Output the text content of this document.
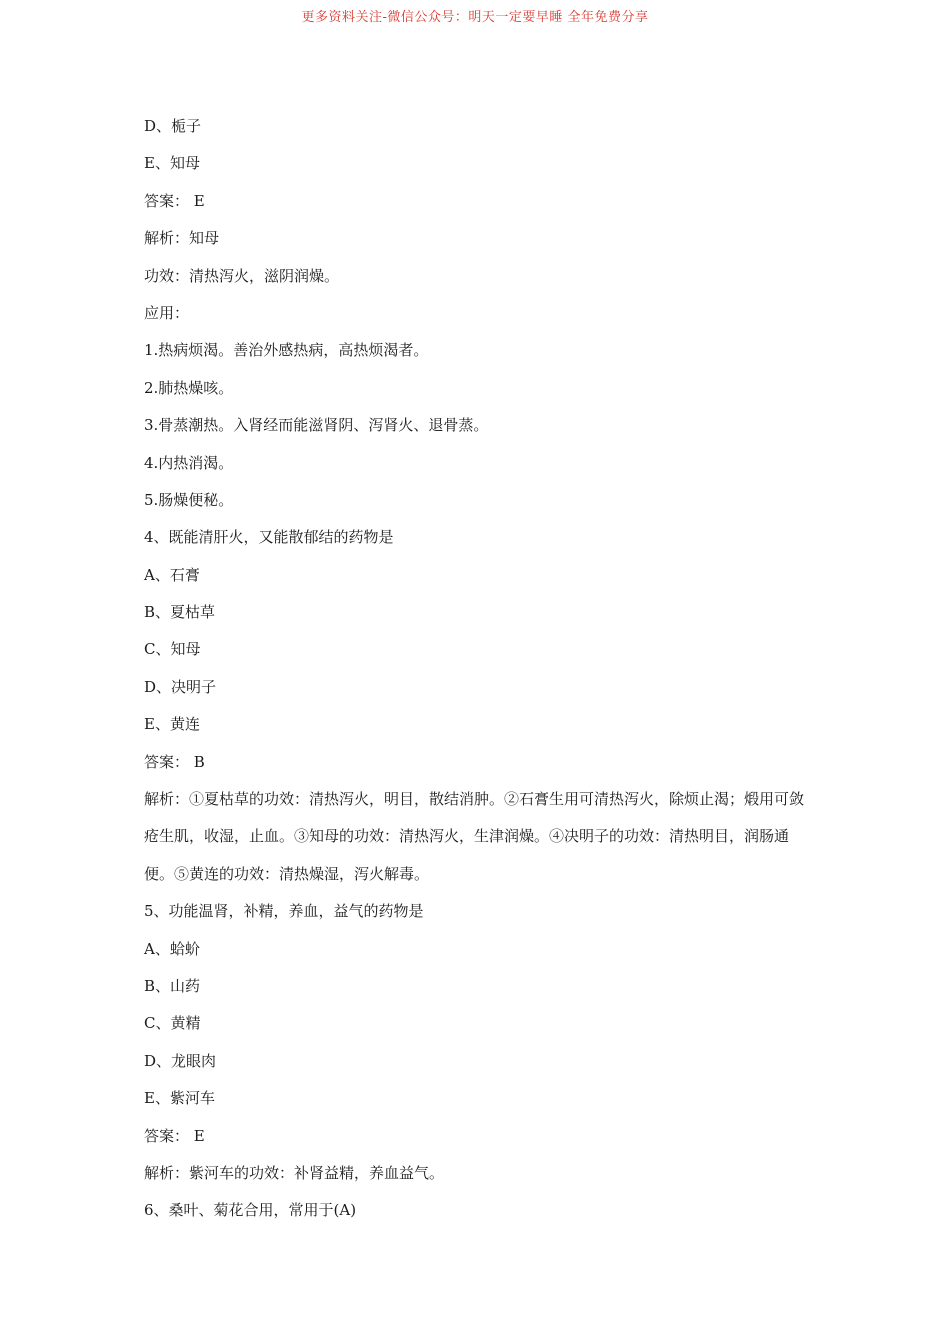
更多资料关注-微信公众号：明天一定要早睡 全年免费分享
D、栀子
E、知母
答案： E
解析：知母
功效：清热泻火，滋阴润燥。
应用：
1.热病烦渴。善治外感热病，高热烦渴者。
2.肺热燥咳。
3.骨蒸潮热。入肾经而能滋肾阴、泻肾火、退骨蒸。
4.内热消渴。
5.肠燥便秘。
4、既能清肝火，又能散郁结的药物是
A、石膏
B、夏枯草
C、知母
D、决明子
E、黄连
答案： B
解析：①夏枯草的功效：清热泻火，明目，散结消肿。②石膏生用可清热泻火，除烦止渴；煅用可敛疮生肌，收湿，止血。③知母的功效：清热泻火，生津润燥。④决明子的功效：清热明目，润肠通便。⑤黄连的功效：清热燥湿，泻火解毒。
5、功能温肾，补精，养血，益气的药物是
A、蛤蚧
B、山药
C、黄精
D、龙眼肉
E、紫河车
答案： E
解析：紫河车的功效：补肾益精，养血益气。
6、桑叶、菊花合用，常用于(A)
